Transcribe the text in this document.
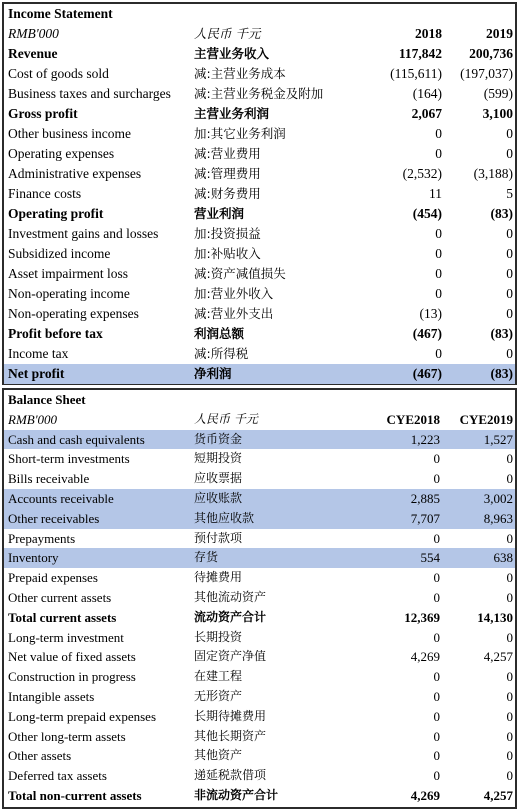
Income Statement			
RMB'000	人民币 千元	2018	2019
Revenue	主营业务收入	117,842	200,736
Cost of goods sold	减:主营业务成本	(115,611)	(197,037)
Business taxes and surcharges	减:主营业务税金及附加	(164)	(599)
Gross profit	主营业务利润	2,067	3,100
Other business income	加:其它业务利润	0	0
Operating expenses	减:营业费用	0	0
Administrative expenses	减:管理费用	(2,532)	(3,188)
Finance costs	减:财务费用	11	5
Operating profit	营业利润	(454)	(83)
Investment gains and losses	加:投资损益	0	0
Subsidized income	加:补贴收入	0	0
Asset impairment loss	减:资产减值损失	0	0
Non-operating income	加:营业外收入	0	0
Non-operating expenses	减:营业外支出	(13)	0
Profit before tax	利润总额	(467)	(83)
Income tax	减:所得税	0	0
Net profit	净利润	(467)	(83)
Balance Sheet			
RMB'000	人民币 千元	CYE2018	CYE2019
Cash and cash equivalents	货币资金	1,223	1,527
Short-term investments	短期投资	0	0
Bills receivable	应收票据	0	0
Accounts receivable	应收账款	2,885	3,002
Other receivables	其他应收款	7,707	8,963
Prepayments	预付款项	0	0
Inventory	存货	554	638
Prepaid expenses	待摊费用	0	0
Other current assets	其他流动资产	0	0
Total current assets	流动资产合计	12,369	14,130
Long-term investment	长期投资	0	0
Net value of fixed assets	固定资产净值	4,269	4,257
Construction in progress	在建工程	0	0
Intangible assets	无形资产	0	0
Long-term prepaid expenses	长期待摊费用	0	0
Other long-term assets	其他长期资产	0	0
Other assets	其他资产	0	0
Deferred tax assets	递延税款借项	0	0
Total non-current assets	非流动资产合计	4,269	4,257
